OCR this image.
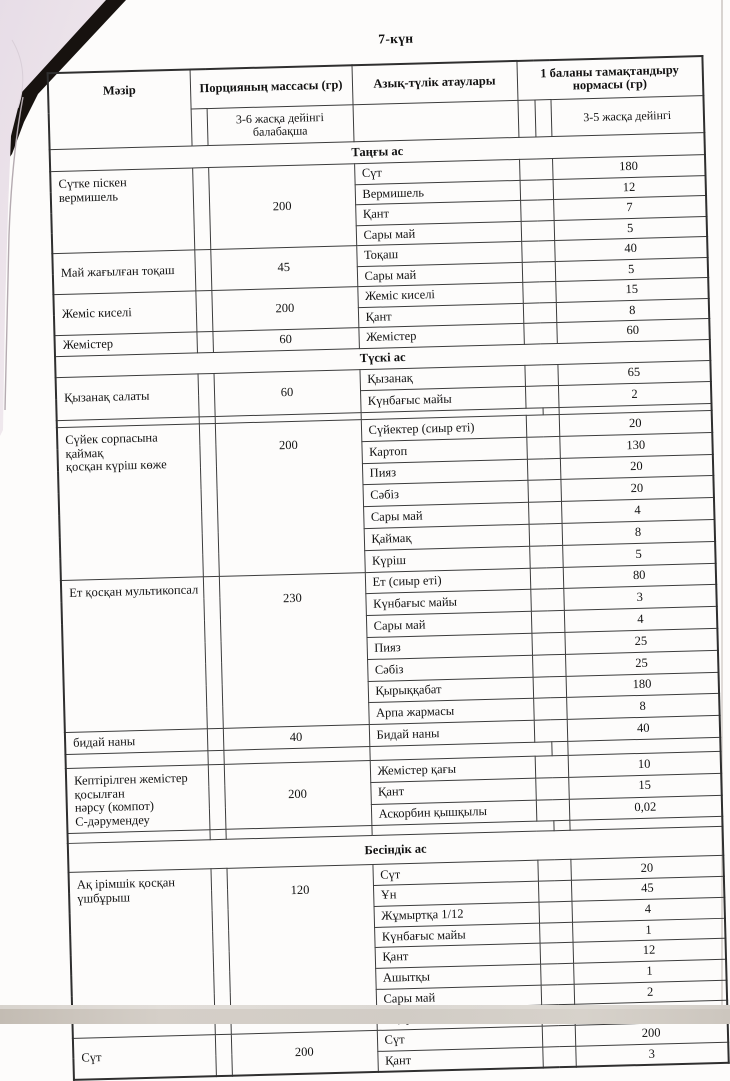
7-күн
Мәзір	Порцияның массасы (гр)		Азық-түлік атаулары	1 баланы тамақтандыру нормасы (гр)		
		3-6 жасқа дейінгі балабақша				3-5 жасқа дейінгі
Таңғы ас						
Сүтке піскен вермишель		200	Сүт			180
			Вермишель			12
			Қант			7
			Сары май			5
Май жағылған тоқаш		45	Тоқаш			40
			Сары май			5
Жеміс киселі		200	Жеміс киселі			15
			Қант			8
Жемістер		60	Жемістер			60
Түскі ас						
Қызанақ салаты		60	Қызанақ			65
			Күнбағыс майы			2

Сүйек сорпасына қаймақ
қосқан күріш көже		200	Сүйектер (сиыр еті)			20
			Картоп			130
			Пияз			20
			Сәбіз			20
			Сары май			4
			Қаймақ			8
			Күріш			5
Ет қосқан мультикопсал		230	Ет (сиыр еті)			80
			Күнбағыс майы			3
			Сары май			4
			Пияз			25
			Сәбіз			25
			Қырыққабат			180
			Арпа жармасы			8
бидай наны		40	Бидай наны			40

Кептірілген жемістер қосылған
нәрсу (компот)
С-дәрумендеу		200	Жемістер қағы			10
			Қант			15
			Аскорбин қышқылы			0,02

Бесіндік ас						
Ақ ірімшік қосқан үшбұрыш		120	Сүт			20
			Ұн			45
			Жұмыртқа 1/12			4
			Күнбағыс майы			1
			Қант			12
			Ашытқы			1
			Сары май			2

Сүт		200	Сүт			200
			Қант			3
